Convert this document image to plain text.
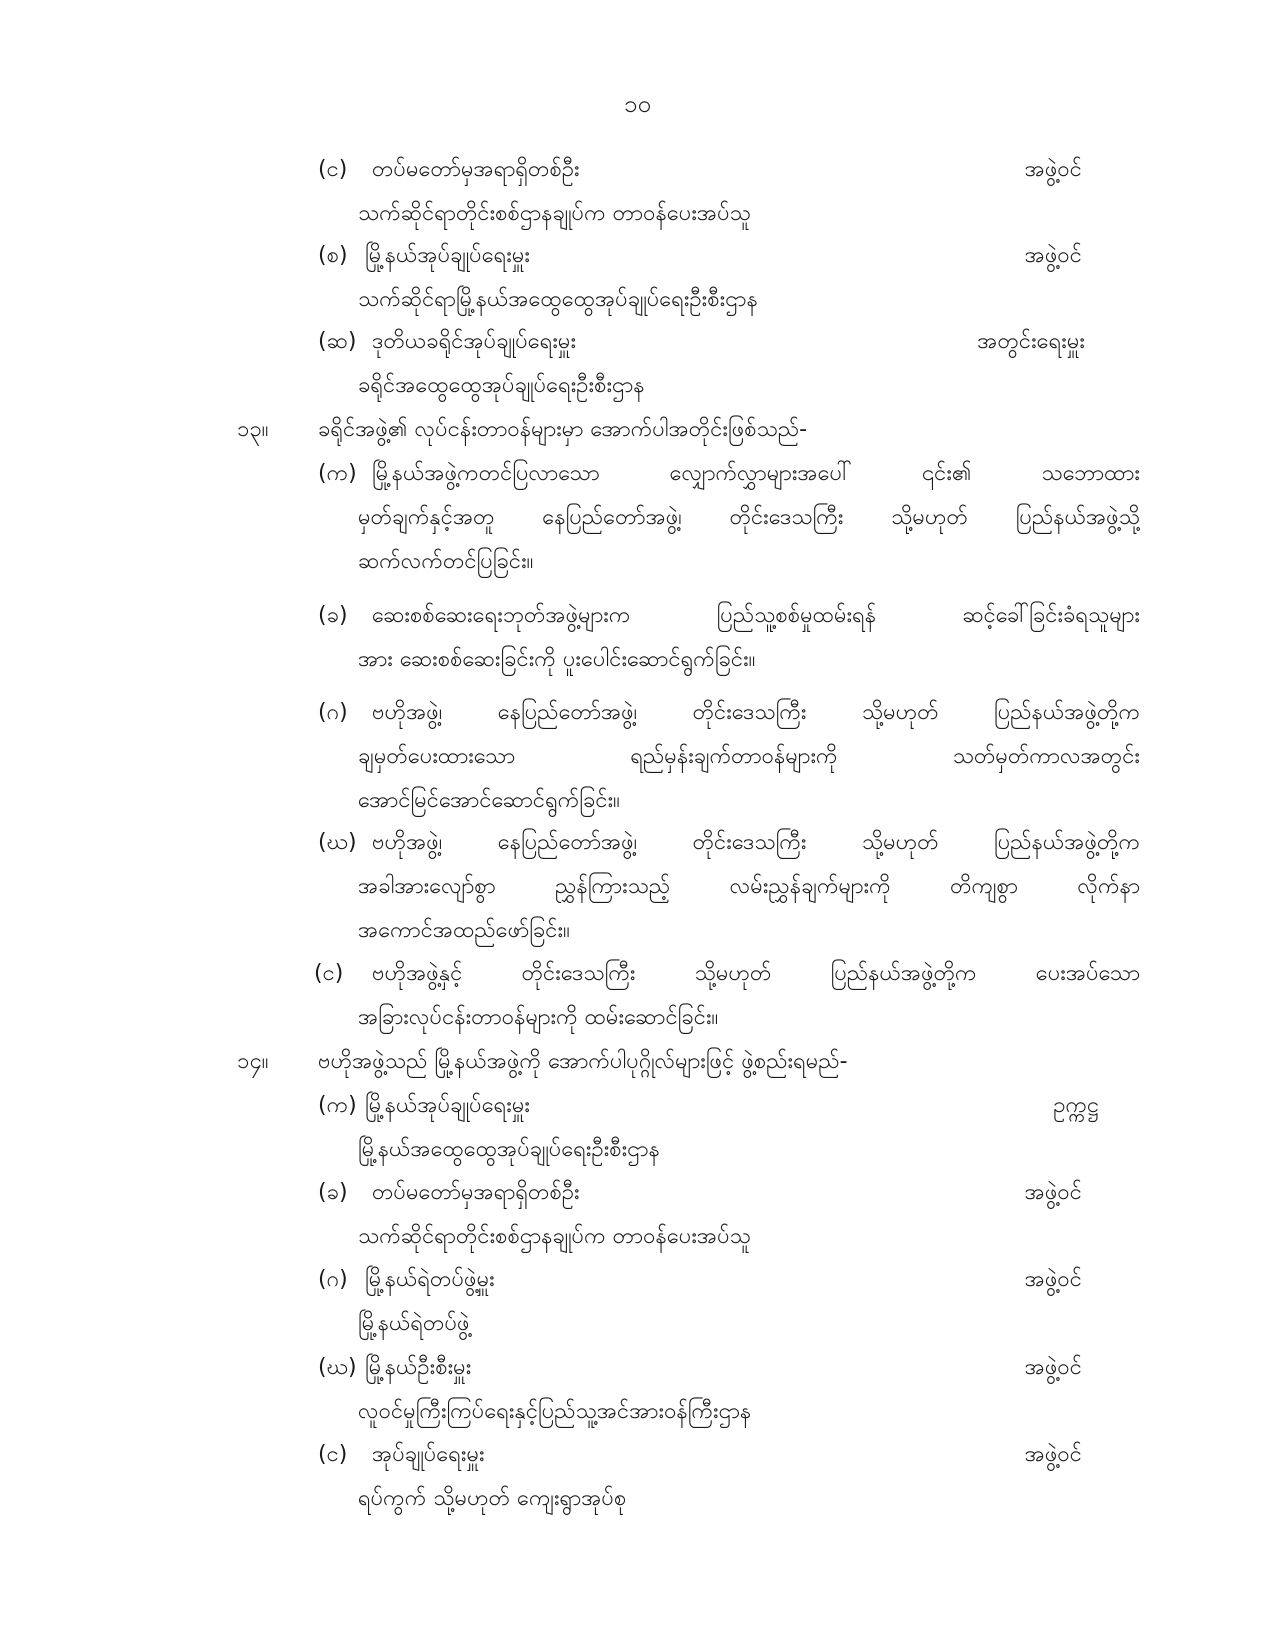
၁၀
(င) တပ်မတော်မှအရာရှိတစ်ဦး	အဖွဲ့ဝင်
သက်ဆိုင်ရာတိုင်းစစ်ဌာနချုပ်က တာဝန်ပေးအပ်သူ
(စ) မြို့နယ်အုပ်ချုပ်ရေးမှူး	အဖွဲ့ဝင်
သက်ဆိုင်ရာမြို့နယ်အထွေထွေအုပ်ချုပ်ရေးဦးစီးဌာန
(ဆ) ဒုတိယခရိုင်အုပ်ချုပ်ရေးမှူး	အတွင်းရေးမှူး
ခရိုင်အထွေထွေအုပ်ချုပ်ရေးဦးစီးဌာန
၁၃။ ခရိုင်အဖွဲ့၏ လုပ်ငန်းတာဝန်များမှာ အောက်ပါအတိုင်းဖြစ်သည်-
(က) မြို့နယ်အဖွဲ့ကတင်ပြလာသော လျှောက်လွှာများအပေါ် ၎င်း၏ သဘောထား
မှတ်ချက်နှင့်အတူ နေပြည်တော်အဖွဲ့၊ တိုင်းဒေသကြီး သို့မဟုတ် ပြည်နယ်အဖွဲ့သို့
ဆက်လက်တင်ပြခြင်း။
(ခ) ဆေးစစ်ဆေးရေးဘုတ်အဖွဲ့များက ပြည်သူ့စစ်မှုထမ်းရန် ဆင့်ခေါ်ခြင်းခံရသူများ
အား ဆေးစစ်ဆေးခြင်းကို ပူးပေါင်းဆောင်ရွက်ခြင်း။
(ဂ) ဗဟိုအဖွဲ့၊ နေပြည်တော်အဖွဲ့၊ တိုင်းဒေသကြီး သို့မဟုတ် ပြည်နယ်အဖွဲ့တို့က
ချမှတ်ပေးထားသော ရည်မှန်းချက်တာဝန်များကို သတ်မှတ်ကာလအတွင်း
အောင်မြင်အောင်ဆောင်ရွက်ခြင်း။
(ဃ) ဗဟိုအဖွဲ့၊ နေပြည်တော်အဖွဲ့၊ တိုင်းဒေသကြီး သို့မဟုတ် ပြည်နယ်အဖွဲ့တို့က
အခါအားလျော်စွာ ညွှန်ကြားသည့် လမ်းညွှန်ချက်များကို တိကျစွာ လိုက်နာ
အကောင်အထည်ဖော်ခြင်း။
(င) ဗဟိုအဖွဲ့နှင့် တိုင်းဒေသကြီး သို့မဟုတ် ပြည်နယ်အဖွဲ့တို့က ပေးအပ်သော
အခြားလုပ်ငန်းတာဝန်များကို ထမ်းဆောင်ခြင်း။
၁၄။ ဗဟိုအဖွဲ့သည် မြို့နယ်အဖွဲ့ကို အောက်ပါပုဂ္ဂိုလ်များဖြင့် ဖွဲ့စည်းရမည်-
(က) မြို့နယ်အုပ်ချုပ်ရေးမှူး	ဥက္ကဋ္ဌ
မြို့နယ်အထွေထွေအုပ်ချုပ်ရေးဦးစီးဌာန
(ခ) တပ်မတော်မှအရာရှိတစ်ဦး	အဖွဲ့ဝင်
သက်ဆိုင်ရာတိုင်းစစ်ဌာနချုပ်က တာဝန်ပေးအပ်သူ
(ဂ) မြို့နယ်ရဲတပ်ဖွဲ့မှူး	အဖွဲ့ဝင်
မြို့နယ်ရဲတပ်ဖွဲ့
(ဃ) မြို့နယ်ဦးစီးမှူး	အဖွဲ့ဝင်
လူဝင်မှုကြီးကြပ်ရေးနှင့်ပြည်သူ့အင်အားဝန်ကြီးဌာန
(င) အုပ်ချုပ်ရေးမှူး	အဖွဲ့ဝင်
ရပ်ကွက် သို့မဟုတ် ကျေးရွာအုပ်စု
